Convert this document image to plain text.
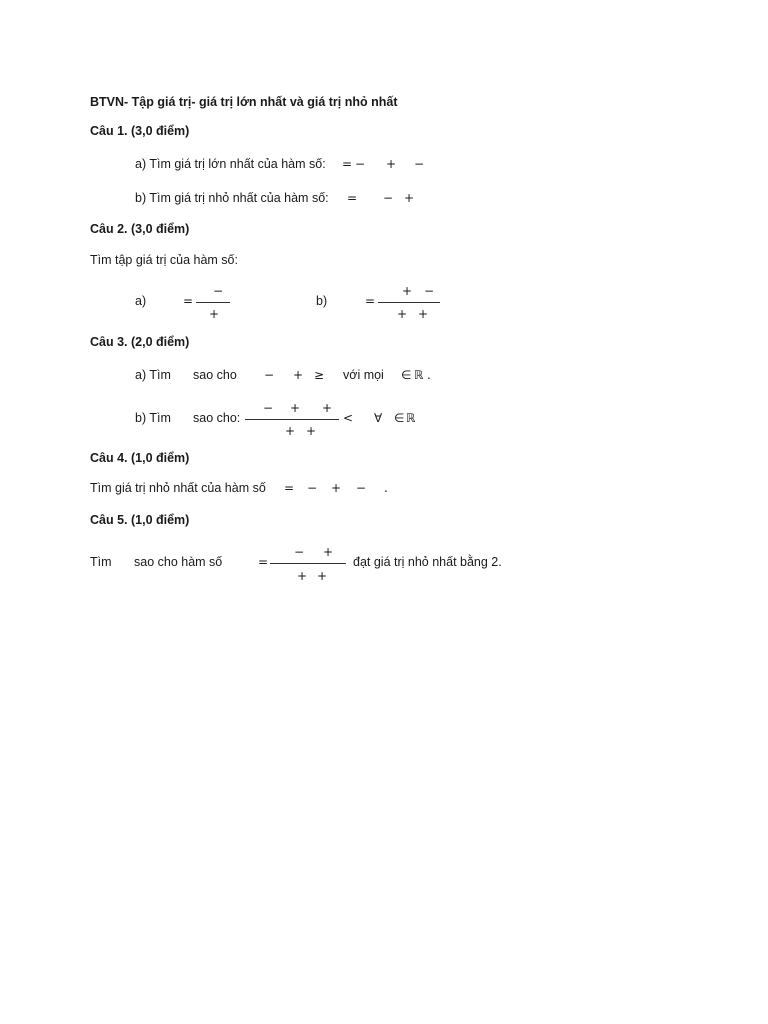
BTVN- Tập giá trị- giá trị lớn nhất và giá trị nhỏ nhất
Câu 1. (3,0 điểm)
a) Tìm giá trị lớn nhất của hàm số: = − + −
b) Tìm giá trị nhỏ nhất của hàm số: = − +
Câu 2. (3,0 điểm)
Tìm tập giá trị của hàm số:
a)	=
−
+
b)	=
+ −
+ +
Câu 3. (2,0 điểm)
a) Tìm sao cho − + ≥ với mọi ∈ ℝ .
b) Tìm sao cho:
− + +
+ +
< ∀ ∈ ℝ
Câu 4. (1,0 điểm)
Tìm giá trị nhỏ nhất của hàm số = − + − .
Câu 5. (1,0 điểm)
Tìm sao cho hàm số	=
− +
+ +
đạt giá trị nhỏ nhất bằng 2.
